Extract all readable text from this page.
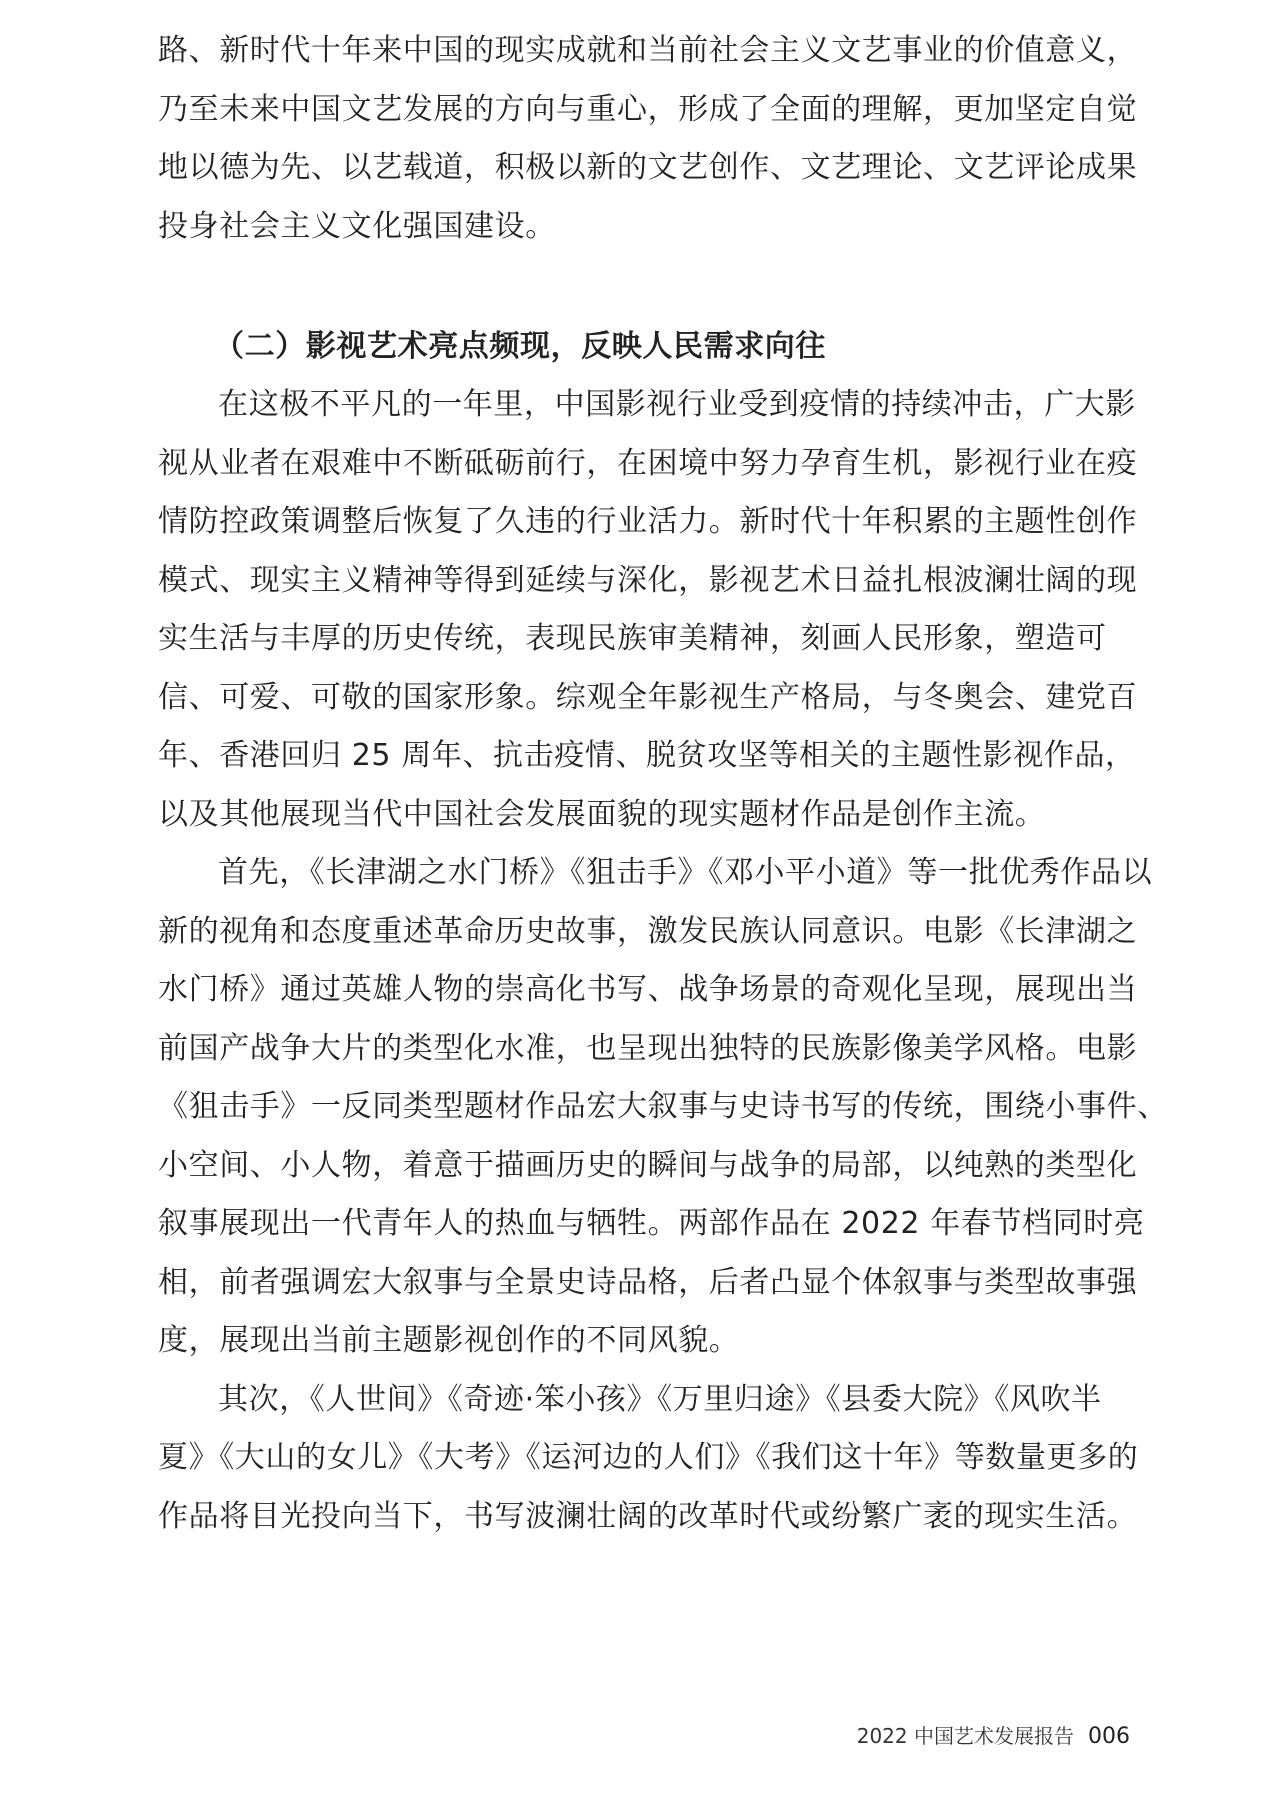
路、新时代十年来中国的现实成就和当前社会主义文艺事业的价值意义，
乃至未来中国文艺发展的方向与重心，形成了全面的理解，更加坚定自觉
地以德为先、以艺载道，积极以新的文艺创作、文艺理论、文艺评论成果
投身社会主义文化强国建设。
（二）影视艺术亮点频现，反映人民需求向往
在这极不平凡的一年里，中国影视行业受到疫情的持续冲击，广大影
视从业者在艰难中不断砥砺前行，在困境中努力孕育生机，影视行业在疫
情防控政策调整后恢复了久违的行业活力。新时代十年积累的主题性创作
模式、现实主义精神等得到延续与深化，影视艺术日益扎根波澜壮阔的现
实生活与丰厚的历史传统，表现民族审美精神，刻画人民形象，塑造可
信、可爱、可敬的国家形象。综观全年影视生产格局，与冬奥会、建党百
年、香港回归 25 周年、抗击疫情、脱贫攻坚等相关的主题性影视作品，
以及其他展现当代中国社会发展面貌的现实题材作品是创作主流。
首先，《长津湖之水门桥》《狙击手》《邓小平小道》等一批优秀作品以
新的视角和态度重述革命历史故事，激发民族认同意识。电影《长津湖之
水门桥》通过英雄人物的崇高化书写、战争场景的奇观化呈现，展现出当
前国产战争大片的类型化水准，也呈现出独特的民族影像美学风格。电影
《狙击手》一反同类型题材作品宏大叙事与史诗书写的传统，围绕小事件、
小空间、小人物，着意于描画历史的瞬间与战争的局部，以纯熟的类型化
叙事展现出一代青年人的热血与牺牲。两部作品在 2022 年春节档同时亮
相，前者强调宏大叙事与全景史诗品格，后者凸显个体叙事与类型故事强
度，展现出当前主题影视创作的不同风貌。
其次，《人世间》《奇迹·笨小孩》《万里归途》《县委大院》《风吹半
夏》《大山的女儿》《大考》《运河边的人们》《我们这十年》等数量更多的
作品将目光投向当下，书写波澜壮阔的改革时代或纷繁广袤的现实生活。
2022 中国艺术发展报告 006
